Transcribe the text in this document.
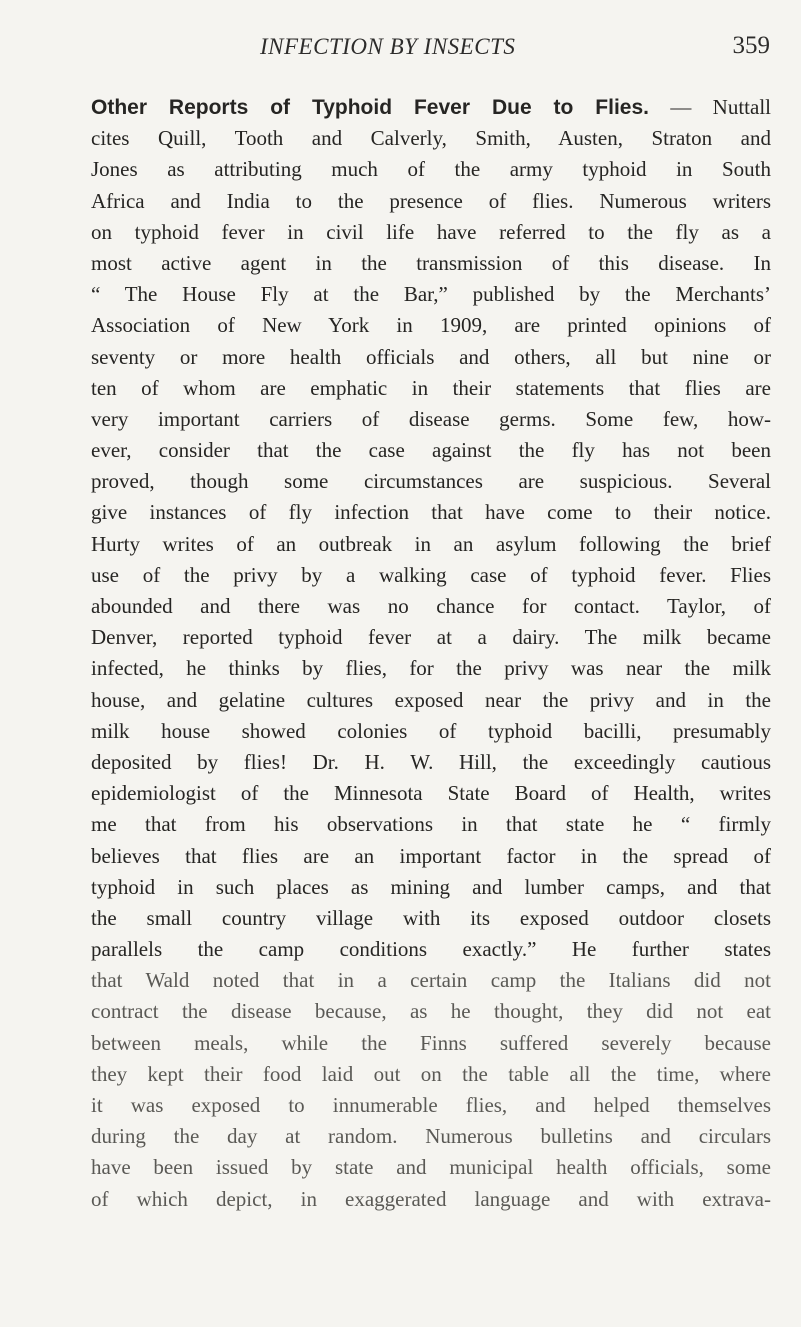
INFECTION BY INSECTS	359
Other Reports of Typhoid Fever Due to Flies. — Nuttall
cites Quill, Tooth and Calverly, Smith, Austen, Straton and
Jones as attributing much of the army typhoid in South
Africa and India to the presence of flies. Numerous writers
on typhoid fever in civil life have referred to the fly as a
most active agent in the transmission of this disease. In
“ The House Fly at the Bar,” published by the Merchants’
Association of New York in 1909, are printed opinions of
seventy or more health officials and others, all but nine or
ten of whom are emphatic in their statements that flies are
very important carriers of disease germs. Some few, how-
ever, consider that the case against the fly has not been
proved, though some circumstances are suspicious. Several
give instances of fly infection that have come to their notice.
Hurty writes of an outbreak in an asylum following the brief
use of the privy by a walking case of typhoid fever. Flies
abounded and there was no chance for contact. Taylor, of
Denver, reported typhoid fever at a dairy. The milk became
infected, he thinks by flies, for the privy was near the milk
house, and gelatine cultures exposed near the privy and in the
milk house showed colonies of typhoid bacilli, presumably
deposited by flies! Dr. H. W. Hill, the exceedingly cautious
epidemiologist of the Minnesota State Board of Health, writes
me that from his observations in that state he “ firmly
believes that flies are an important factor in the spread of
typhoid in such places as mining and lumber camps, and that
the small country village with its exposed outdoor closets
parallels the camp conditions exactly.” He further states
that Wald noted that in a certain camp the Italians did not
contract the disease because, as he thought, they did not eat
between meals, while the Finns suffered severely because
they kept their food laid out on the table all the time, where
it was exposed to innumerable flies, and helped themselves
during the day at random. Numerous bulletins and circulars
have been issued by state and municipal health officials, some
of which depict, in exaggerated language and with extrava-
